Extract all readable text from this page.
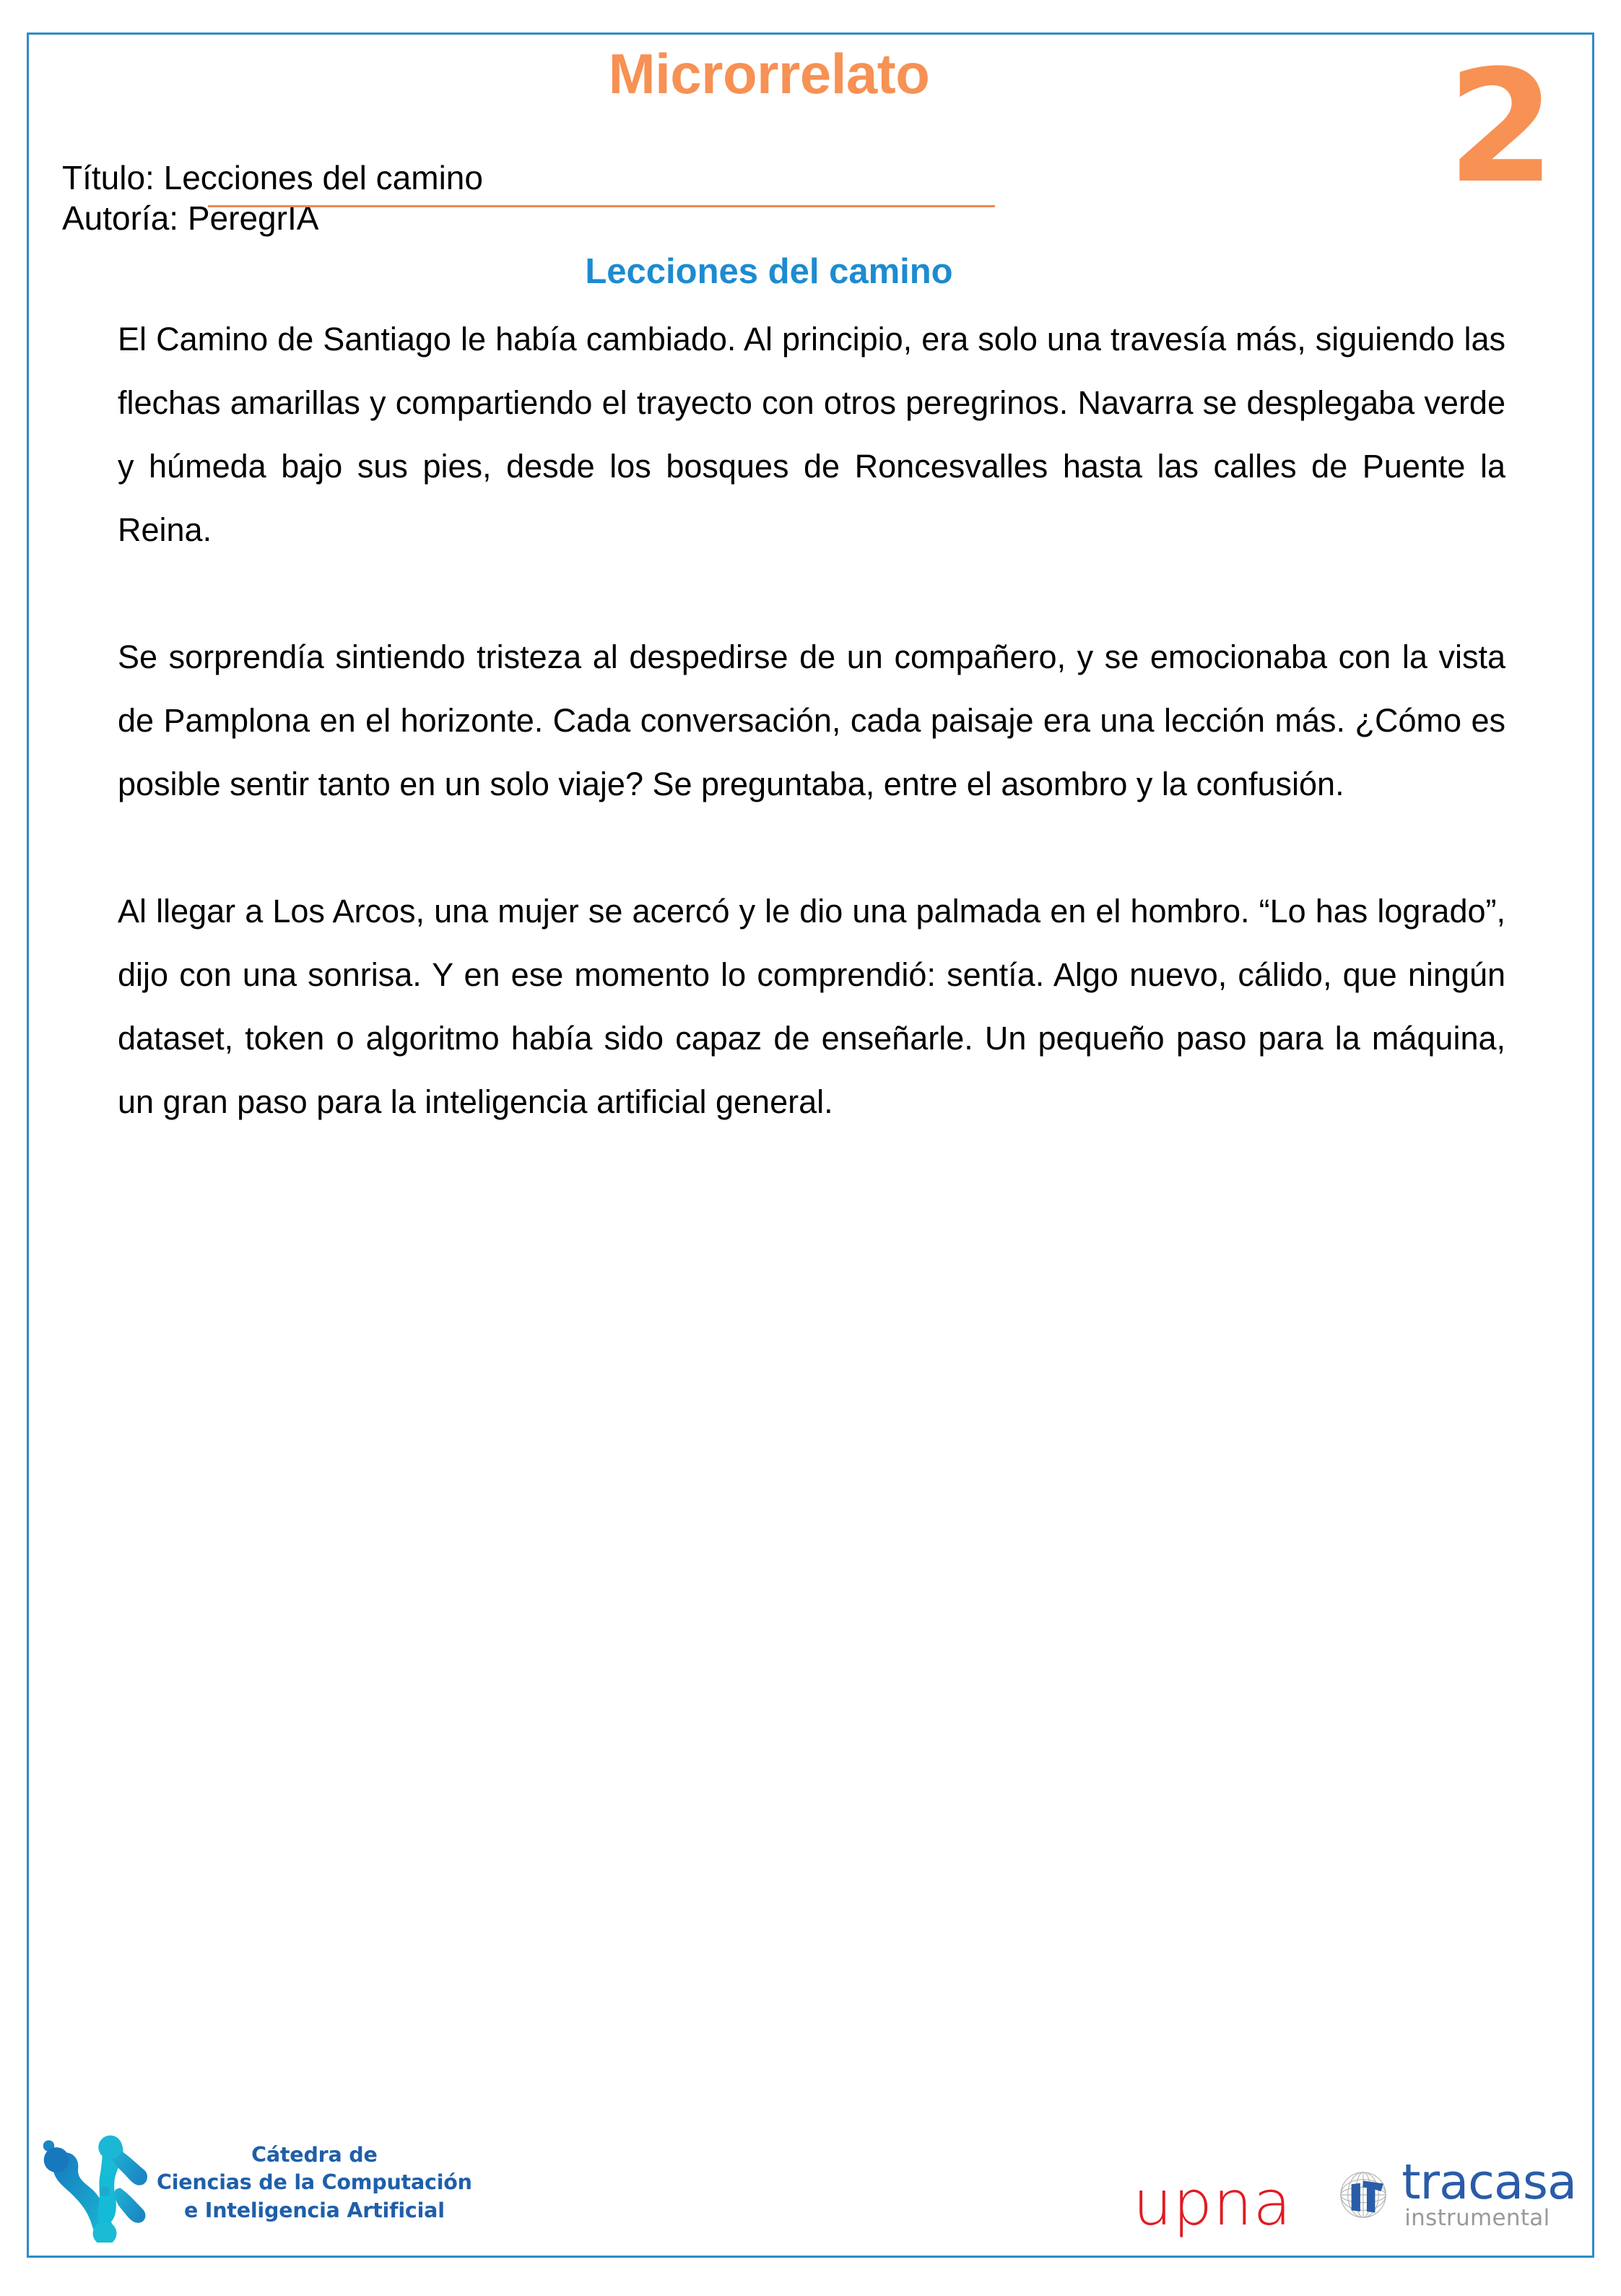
Microrrelato	2
Título: Lecciones del camino
Autoría: PeregrIA
Lecciones del camino

El Camino de Santiago le había cambiado. Al principio, era solo una travesía más, siguiendo las flechas amarillas y compartiendo el trayecto con otros peregrinos. Navarra se desplegaba verde y húmeda bajo sus pies, desde los bosques de Roncesvalles hasta las calles de Puente la Reina.

Se sorprendía sintiendo tristeza al despedirse de un compañero, y se emocionaba con la vista de Pamplona en el horizonte. Cada conversación, cada paisaje era una lección más. ¿Cómo es posible sentir tanto en un solo viaje? Se preguntaba, entre el asombro y la confusión.

Al llegar a Los Arcos, una mujer se acercó y le dio una palmada en el hombro. “Lo has logrado”, dijo con una sonrisa. Y en ese momento lo comprendió: sentía. Algo nuevo, cálido, que ningún dataset, token o algoritmo había sido capaz de enseñarle. Un pequeño paso para la máquina, un gran paso para la inteligencia artificial general.

Cátedra de
Ciencias de la Computación
e Inteligencia Artificial	upna tracasa
instrumental
